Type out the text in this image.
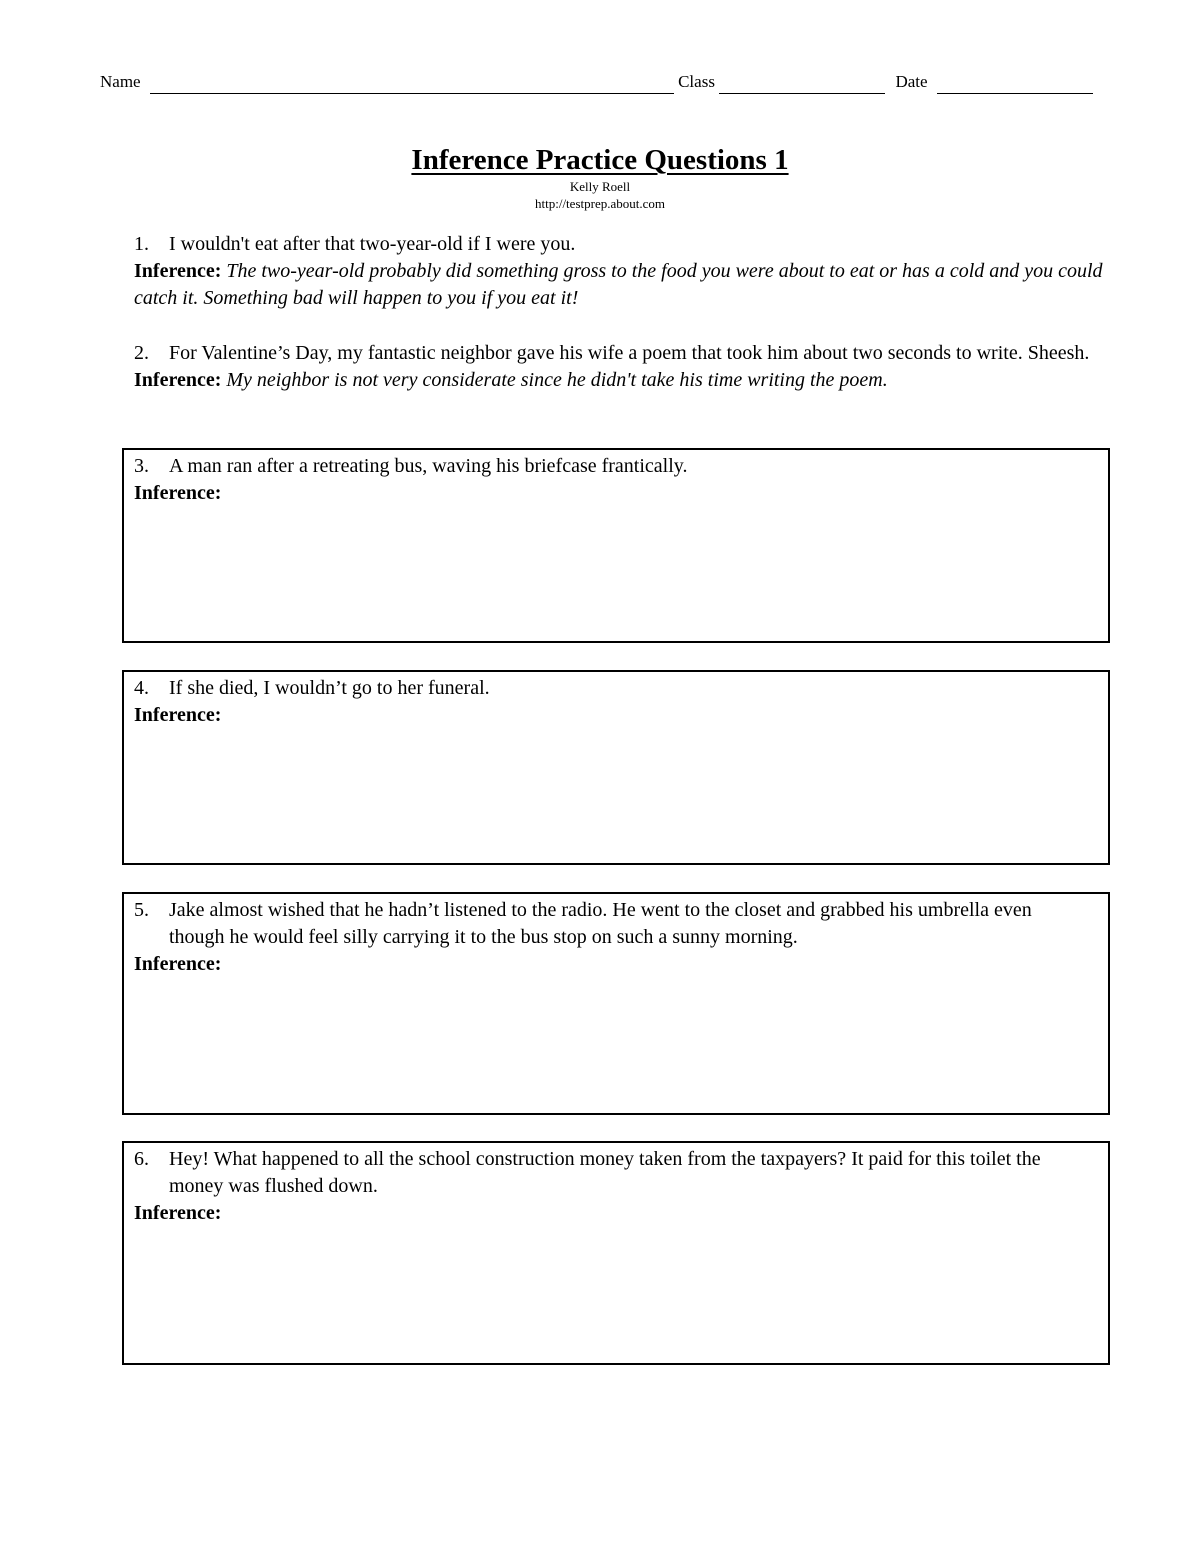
Name	Class	Date
Inference Practice Questions 1
Kelly Roell
http://testprep.about.com
1.	I wouldn't eat after that two-year-old if I were you.
Inference: The two-year-old probably did something gross to the food you were about to eat or has a cold and you could catch it. Something bad will happen to you if you eat it!
2.	For Valentine’s Day, my fantastic neighbor gave his wife a poem that took him about two seconds to write. Sheesh.
Inference: My neighbor is not very considerate since he didn't take his time writing the poem.
3.	A man ran after a retreating bus, waving his briefcase frantically.
Inference:
4.	If she died, I wouldn’t go to her funeral.
Inference:
5.	Jake almost wished that he hadn’t listened to the radio. He went to the closet and grabbed his umbrella even though he would feel silly carrying it to the bus stop on such a sunny morning.
Inference:
6.	Hey! What happened to all the school construction money taken from the taxpayers? It paid for this toilet the money was flushed down.
Inference:
